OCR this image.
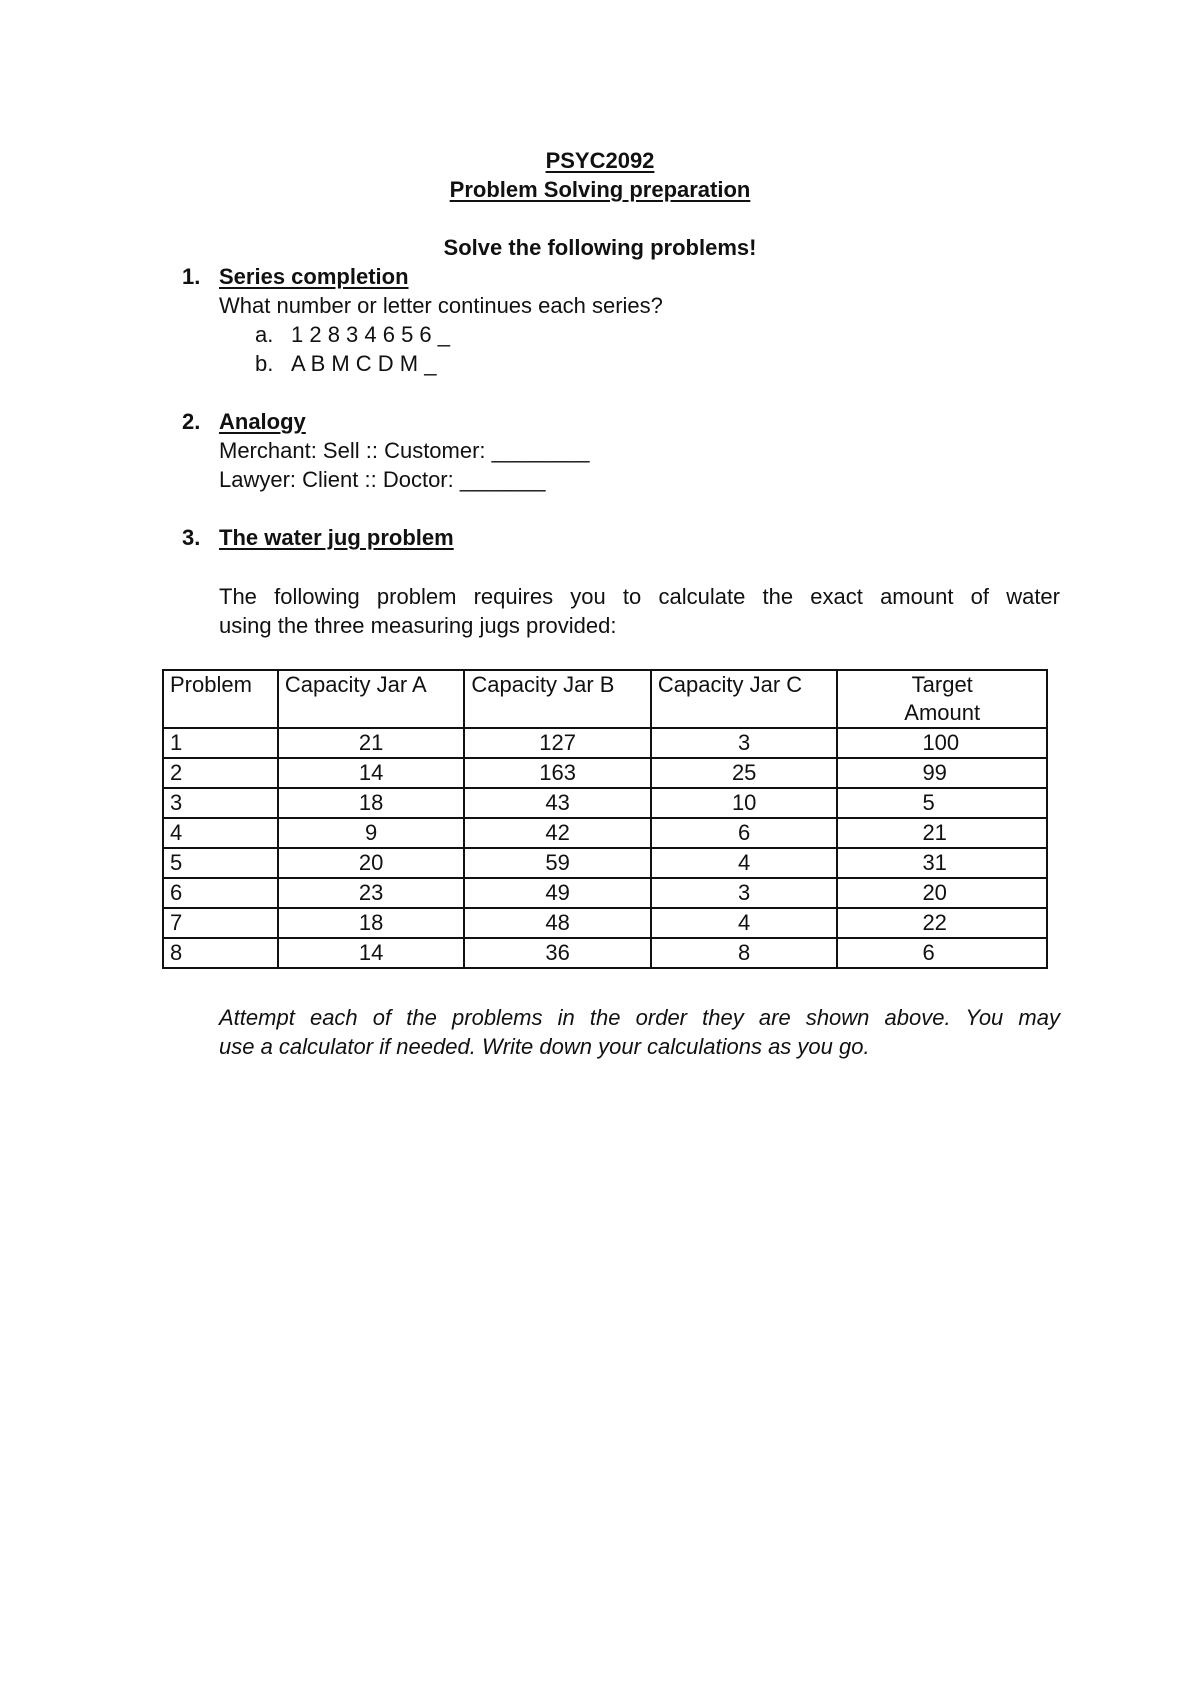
PSYC2092
Problem Solving preparation
Solve the following problems!
1. Series completion
What number or letter continues each series?
a. 1 2 8 3 4 6 5 6 _
b. A B M C D M _
2. Analogy
Merchant: Sell :: Customer: ________
Lawyer: Client :: Doctor: _______
3. The water jug problem
The following problem requires you to calculate the exact amount of water
using the three measuring jugs provided:
Problem	Capacity Jar A	Capacity Jar B	Capacity Jar C	Target
Amount
1	21	127	3	100
2	14	163	25	99
3	18	43	10	5
4	9	42	6	21
5	20	59	4	31
6	23	49	3	20
7	18	48	4	22
8	14	36	8	6
Attempt each of the problems in the order they are shown above. You may
use a calculator if needed. Write down your calculations as you go.
